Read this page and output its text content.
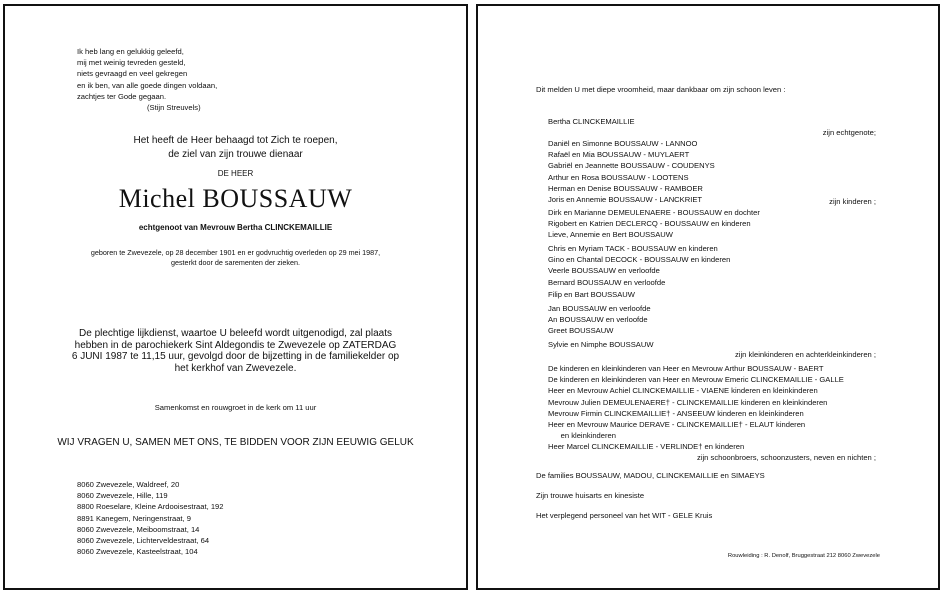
Ik heb lang en gelukkig geleefd,
mij met weinig tevreden gesteld,
niets gevraagd en veel gekregen
en ik ben, van alle goede dingen voldaan,
zachtjes ter Gode gegaan.
(Stijn Streuvels)
Het heeft de Heer behaagd tot Zich te roepen,
de ziel van zijn trouwe dienaar
DE HEER
Michel BOUSSAUW
echtgenoot van Mevrouw Bertha CLINCKEMAILLIE
geboren te Zwevezele, op 28 december 1901 en er godvruchtig overleden op 29 mei 1987,
gesterkt door de sarementen der zieken.
De plechtige lijkdienst, waartoe U beleefd wordt uitgenodigd, zal plaats
hebben in de parochiekerk Sint Aldegondis te Zwevezele op ZATERDAG
6 JUNI 1987 te 11,15 uur, gevolgd door de bijzetting in de familiekelder op
het kerkhof van Zwevezele.
Samenkomst en rouwgroet in de kerk om 11 uur
WIJ VRAGEN U, SAMEN MET ONS, TE BIDDEN VOOR ZIJN EEUWIG GELUK
8060 Zwevezele, Waldreef, 20
8060 Zwevezele, Hille, 119
8800 Roeselare, Kleine Ardooisestraat, 192
8891 Kanegem, Neringenstraat, 9
8060 Zwevezele, Meiboomstraat, 14
8060 Zwevezele, Lichterveldestraat, 64
8060 Zwevezele, Kasteelstraat, 104
Dit melden U met diepe vroomheid, maar dankbaar om zijn schoon leven :
Bertha CLINCKEMAILLIE
zijn echtgenote;
Daniël en Simonne BOUSSAUW - LANNOO
Rafaël en Mia BOUSSAUW - MUYLAERT
Gabriël en Jeannette BOUSSAUW - COUDENYS
Arthur en Rosa BOUSSAUW - LOOTENS
Herman en Denise BOUSSAUW - RAMBOER
Joris en Annemie BOUSSAUW - LANCKRIET	zijn kinderen ;
Dirk en Marianne DEMEULENAERE - BOUSSAUW en dochter
Rigobert en Katrien DECLERCQ - BOUSSAUW en kinderen
Lieve, Annemie en Bert BOUSSAUW
Chris en Myriam TACK - BOUSSAUW en kinderen
Gino en Chantal DECOCK - BOUSSAUW en kinderen
Veerle BOUSSAUW en verloofde
Bernard BOUSSAUW en verloofde
Filip en Bart BOUSSAUW
Jan BOUSSAUW en verloofde
An BOUSSAUW en verloofde
Greet BOUSSAUW
Sylvie en Nimphe BOUSSAUW
zijn kleinkinderen en achterkleinkinderen ;
De kinderen en kleinkinderen van Heer en Mevrouw Arthur BOUSSAUW - BAERT
De kinderen en kleinkinderen van Heer en Mevrouw Emeric CLINCKEMAILLIE - GALLE
Heer en Mevrouw Achiel CLINCKEMAILLIE - VIAENE kinderen en kleinkinderen
Mevrouw Julien DEMEULENAERE† - CLINCKEMAILLIE kinderen en kleinkinderen
Mevrouw Firmin CLINCKEMAILLIE† - ANSEEUW kinderen en kleinkinderen
Heer en Mevrouw Maurice DERAVE - CLINCKEMAILLIE† - ELAUT kinderen
en kleinkinderen
Heer Marcel CLINCKEMAILLIE - VERLINDE† en kinderen
zijn schoonbroers, schoonzusters, neven en nichten ;
De families BOUSSAUW, MADOU, CLINCKEMAILLIE en SIMAEYS
Zijn trouwe huisarts en kinesiste
Het verplegend personeel van het WIT - GELE Kruis
Rouwleiding : R. Denolf, Bruggestraat 212 8060 Zwevezele
